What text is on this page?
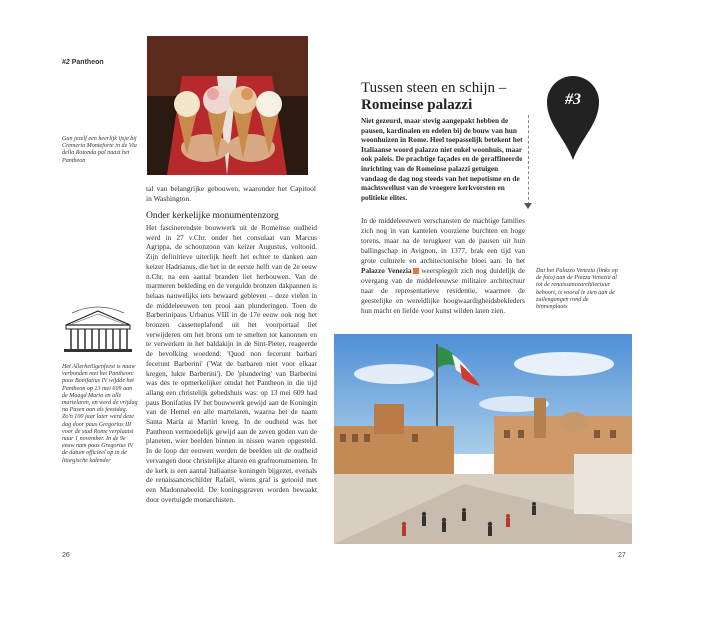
#2 Pantheon
Gun jezelf een heerlijk ijsje bij Cremeria Monteforte in de Via della Rotonda pal naast het Pantheon
tal van belangrijke gebouwen, waaronder het Capitool in Washington.
Onder kerkelijke monumentenzorg
Het fascinerendste bouwwerk uit de Romeinse oudheid werd in 27 v.Chr. onder het consulaat van Marcus Agrippa, de schoonzoon van keizer Augustus, voltooid. Zijn definitieve uiterlijk heeft het echter te danken aan keizer Hadrianus, die het in de eerste helft van de 2e eeuw n.Chr. na een aantal branden liet herbouwen. Van de marmeren bekleding en de vergulde bronzen dakpannen is helaas nauwelijks iets bewaard gebleven – deze vielen in de middeleeuwen ten prooi aan plunderingen. Toen de Barberinipaus Urbanus VIII in de 17e eeuw ook nog het bronzen cassetteplafond uit het voorportaal liet verwijderen om het brons om te smelten tot kanonnen en te verwerken in het baldakijn in de Sint-Pieter, reageerde de bevolking woedend: 'Quod non fecerunt barbari fecerunt Barberini' ('Wat de barbaren niet voor elkaar kregen, lukte Barberini'). De 'plundering' van Barberini was des te opmerkelijker omdat het Pantheon in die tijd allang een christelijk gebedshuis was: op 13 mei 609 had paus Bonifatius IV het bouwwerk gewijd aan de Koningin van de Hemel en alle martelaren, waarna het de naam Santa Maria ai Martiri kreeg. In de oudheid was het Pantheon vermoedelijk gewijd aan de zeven goden van de planeten, wier beelden binnen in nissen waren opgesteld. In de loop der eeuwen werden de beelden uit de oudheid vervangen door christelijke altaren en grafmonumenten. In de kerk is een aantal Italiaanse koningen bijgezet, evenals de renaissanceschilder Rafaël, wiens graf is getooid met een Madonnabeeld. De koningsgraven worden bewaakt door overtuigde monarchisten.
Het Allerheiligenfeest is nauw verbonden met het Pantheon: paus Bonifatius IV wijdde het Pantheon op 13 mei 609 aan de Maagd Maria en alle martelaren, en werd de vrijdag na Pasen aan als feestdag. Zo'n 100 jaar later werd deze dag door paus Gregorius III voor de stad Rome verplaatst naar 1 november. In de 9e eeuw nam paus Gregorius IV de datum officieel op in de liturgische kalender
26
Tussen steen en schijn –
Romeinse palazzi	#3

Niet gezeurd, maar stevig aangepakt hebben de pausen, kardinalen en edelen bij de bouw van hun woonhuizen in Rome. Heel toepasselijk betekent het Italiaanse woord palazzo niet enkel woonhuis, maar ook paleis. De prachtige façades en de geraffineerde inrichting van de Romeinse palazzi getuigen vandaag de dag nog steeds van het nepotisme en de machtswellust van de vroegere kerkvorsten en politieke elites.

In de middeleeuwen verschansten de machtige families zich nog in van kantelen voorziene burchten en hoge torens, maar na de terugkeer van de pausen uit hun ballingschap in Avignon, in 1377, brak een tijd van grote culturele en architectonische bloei aan. In het Palazzo Venezia weerspiegelt zich nog duidelijk de overgang van de middeleeuwse militaire architectuur naar de representatieve residentie, waarmee de geestelijke en wereldlijke hoogwaardigheidsbekleders hun macht en liefde voor kunst wilden laten zien.

Dat het Palazzo Venezia (links op de foto) aan de Piazza Venezia al tot de renaissancearchitectuur behoort, is vooral te zien aan de zuilengangen rond de binnenplaats
27
